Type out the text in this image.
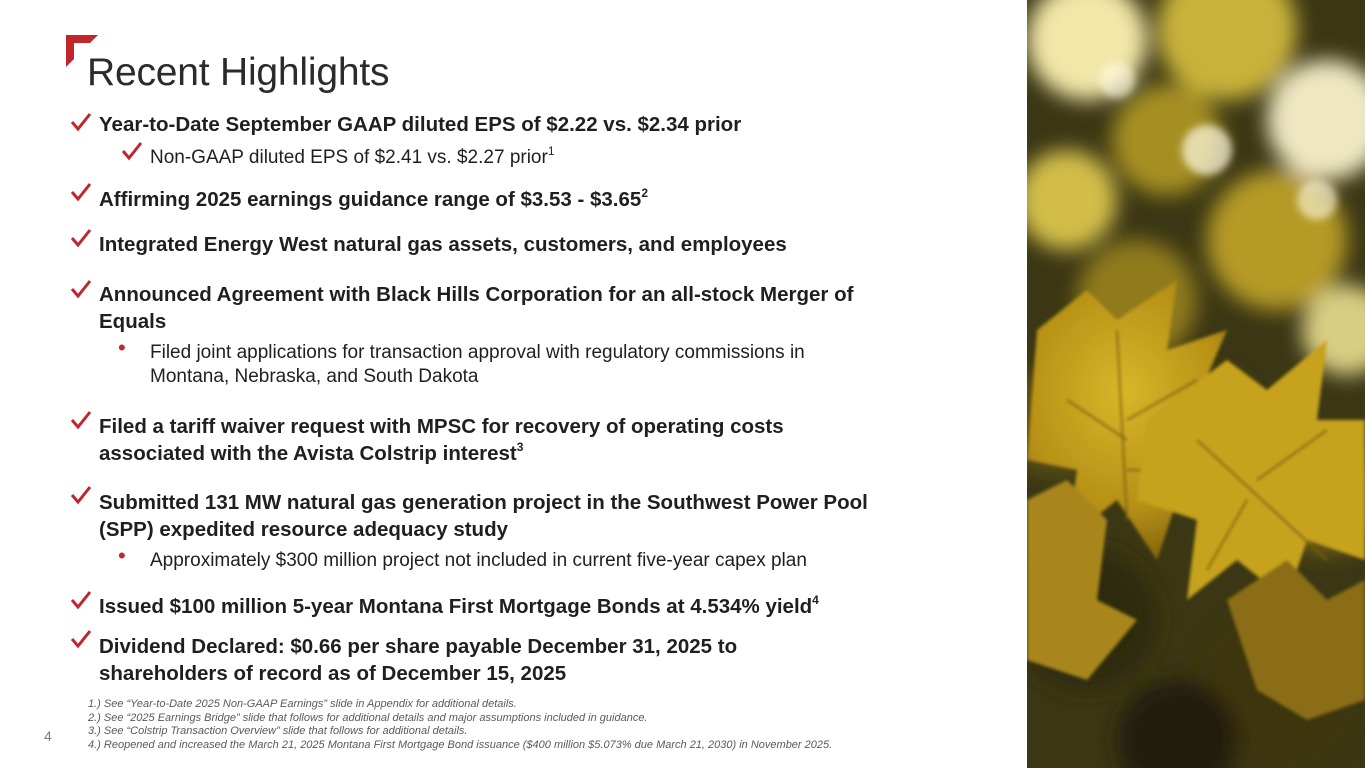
Recent Highlights
Year-to-Date September GAAP diluted EPS of $2.22 vs. $2.34 prior
Non-GAAP diluted EPS of $2.41 vs. $2.27 prior$^1$
Affirming 2025 earnings guidance range of $3.53 - $3.65$^2$
Integrated Energy West natural gas assets, customers, and employees
Announced Agreement with Black Hills Corporation for an all-stock Merger of
Equals
• Filed joint applications for transaction approval with regulatory commissions in
Montana, Nebraska, and South Dakota
Filed a tariff waiver request with MPSC for recovery of operating costs
associated with the Avista Colstrip interest$^3$
Submitted 131 MW natural gas generation project in the Southwest Power Pool
(SPP) expedited resource adequacy study
• Approximately $300 million project not included in current five-year capex plan
Issued $100 million 5-year Montana First Mortgage Bonds at 4.534% yield$^4$
Dividend Declared: $0.66 per share payable December 31, 2025 to
shareholders of record as of December 15, 2025
1.) See “Year-to-Date 2025 Non-GAAP Earnings” slide in Appendix for additional details.
2.) See “2025 Earnings Bridge” slide that follows for additional details and major assumptions included in guidance.
3.) See “Colstrip Transaction Overview” slide that follows for additional details.
4.) Reopened and increased the March 21, 2025 Montana First Mortgage Bond issuance ($400 million $5.073% due March 21, 2030) in November 2025.
4
